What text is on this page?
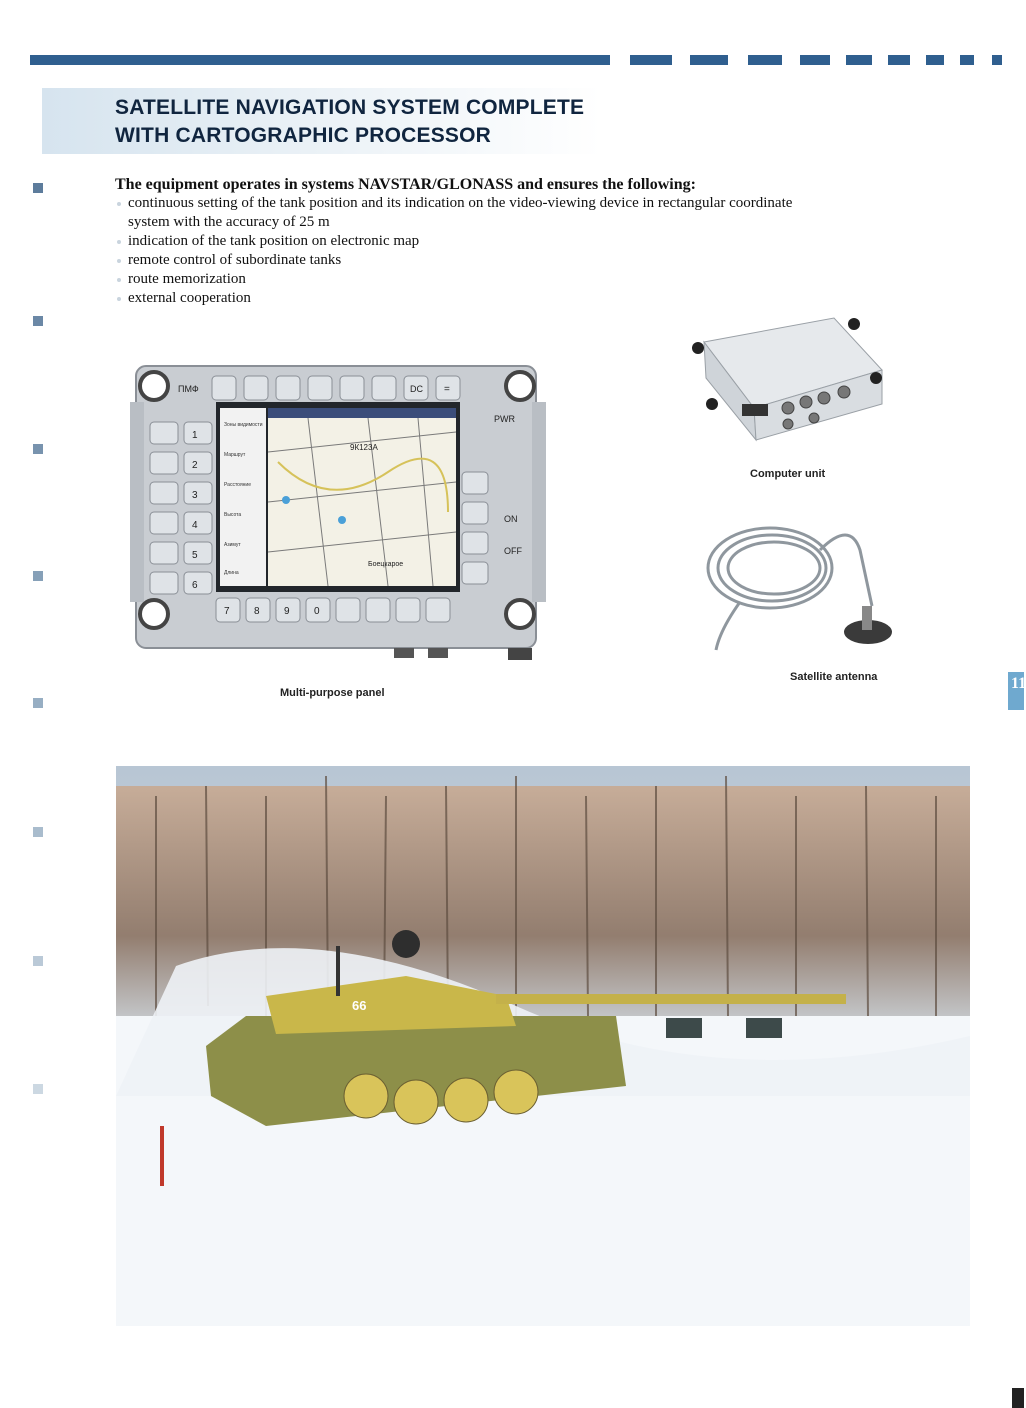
SATELLITE NAVIGATION SYSTEM COMPLETE
WITH CARTOGRAPHIC PROCESSOR

The equipment operates in systems NAVSTAR/GLONASS and ensures the following:

continuous setting of the tank position and its indication on the video-viewing device in rectangular coordinate system with the accuracy of 25 m
indication of the tank position on electronic map
remote control of subordinate tanks
route memorization
external cooperation
ПМФ	DC =
PWR
ON
OFF
Зоны видимости
Маршрут
Расстояние
Высота
Азимут
Длина
9К123А
Боецкарое
7 8 9 0
6
5
4
3
2
1
Multi-purpose panel
Computer unit
Satellite antenna	11
66
